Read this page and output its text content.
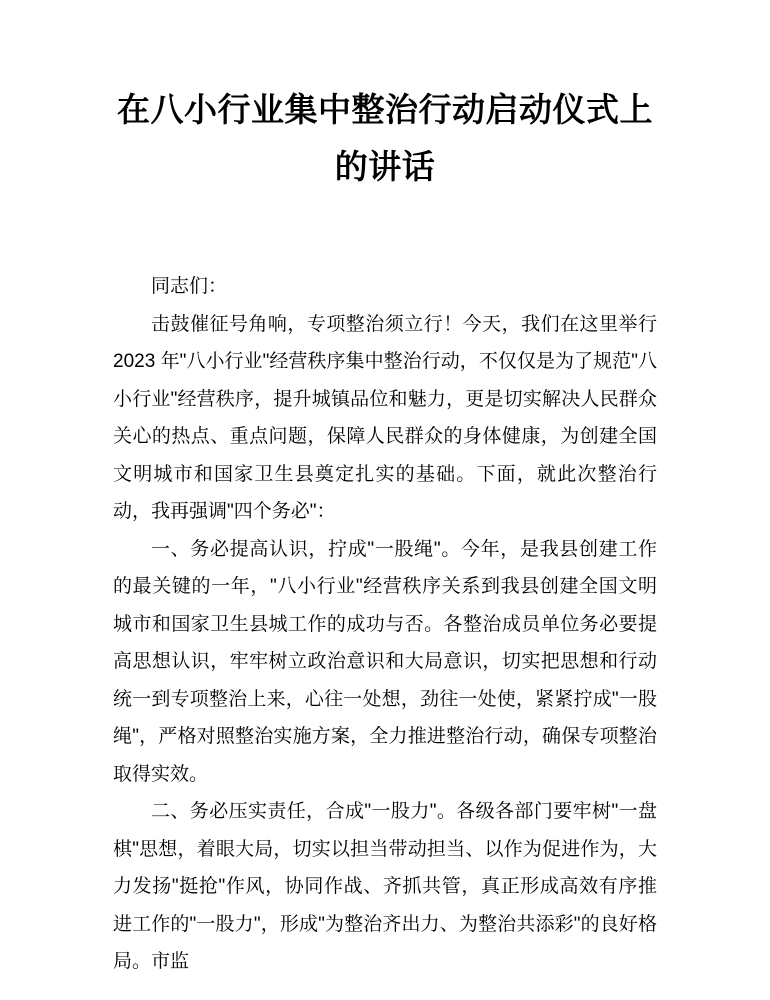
在八小行业集中整治行动启动仪式上的讲话

同志们：

击鼓催征号角响，专项整治须立行！今天，我们在这里举行 2023 年"八小行业"经营秩序集中整治行动，不仅仅是为了规范"八小行业"经营秩序，提升城镇品位和魅力，更是切实解决人民群众关心的热点、重点问题，保障人民群众的身体健康，为创建全国文明城市和国家卫生县奠定扎实的基础。下面，就此次整治行动，我再强调"四个务必"：

一、务必提高认识，拧成"一股绳"。今年，是我县创建工作的最关键的一年，"八小行业"经营秩序关系到我县创建全国文明城市和国家卫生县城工作的成功与否。各整治成员单位务必要提高思想认识，牢牢树立政治意识和大局意识，切实把思想和行动统一到专项整治上来，心往一处想，劲往一处使，紧紧拧成"一股绳"，严格对照整治实施方案，全力推进整治行动，确保专项整治取得实效。

二、务必压实责任，合成"一股力"。各级各部门要牢树"一盘棋"思想，着眼大局，切实以担当带动担当、以作为促进作为，大力发扬"挺抢"作风，协同作战、齐抓共管，真正形成高效有序推进工作的"一股力"，形成"为整治齐出力、为整治共添彩"的良好格局。市监
